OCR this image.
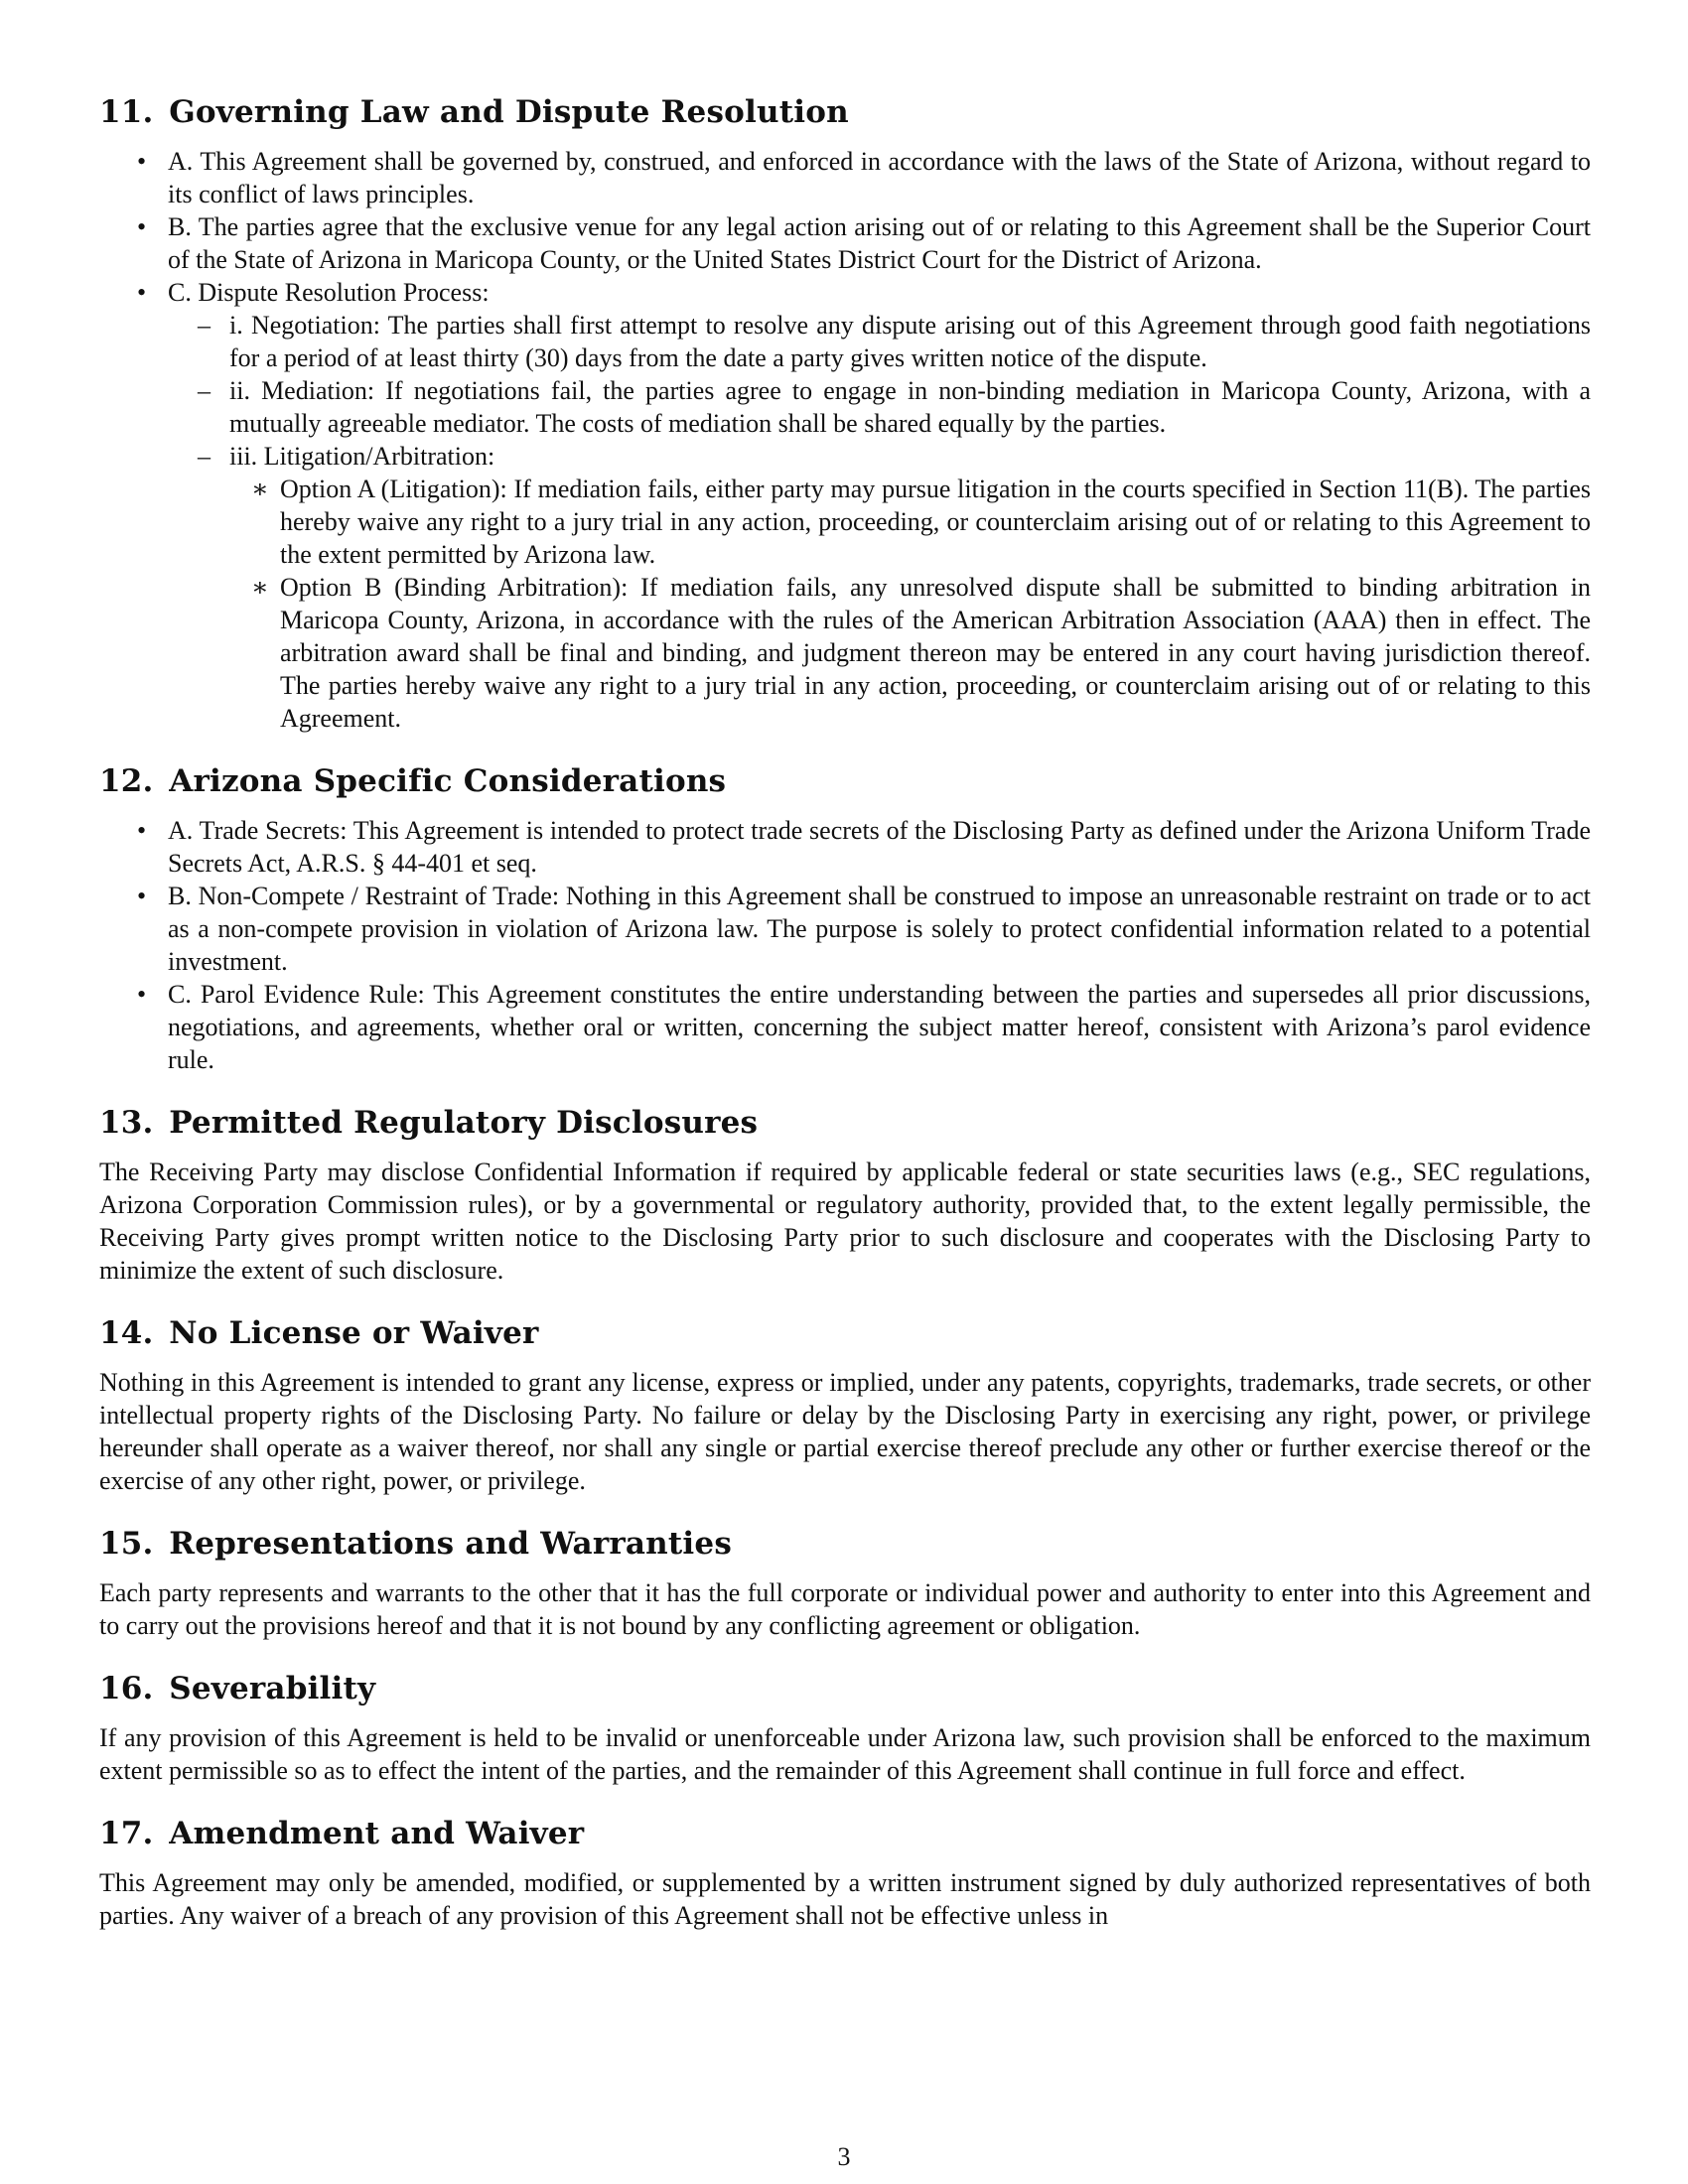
11. Governing Law and Dispute Resolution
• A. This Agreement shall be governed by, construed, and enforced in accordance with the laws of the State of Arizona, without regard to its conflict of laws principles.
• B. The parties agree that the exclusive venue for any legal action arising out of or relating to this Agreement shall be the Superior Court of the State of Arizona in Maricopa County, or the United States District Court for the District of Arizona.
• C. Dispute Resolution Process:
– i. Negotiation: The parties shall first attempt to resolve any dispute arising out of this Agreement through good faith negotiations for a period of at least thirty (30) days from the date a party gives written notice of the dispute.
– ii. Mediation: If negotiations fail, the parties agree to engage in non-binding mediation in Maricopa County, Arizona, with a mutually agreeable mediator. The costs of mediation shall be shared equally by the parties.
– iii. Litigation/Arbitration:
∗ Option A (Litigation): If mediation fails, either party may pursue litigation in the courts specified in Section 11(B). The parties hereby waive any right to a jury trial in any action, proceeding, or counterclaim arising out of or relating to this Agreement to the extent permitted by Arizona law.
∗ Option B (Binding Arbitration): If mediation fails, any unresolved dispute shall be submitted to binding arbitration in Maricopa County, Arizona, in accordance with the rules of the American Arbitration Association (AAA) then in effect. The arbitration award shall be final and binding, and judgment thereon may be entered in any court having jurisdiction thereof. The parties hereby waive any right to a jury trial in any action, proceeding, or counterclaim arising out of or relating to this Agreement.
12. Arizona Specific Considerations
• A. Trade Secrets: This Agreement is intended to protect trade secrets of the Disclosing Party as defined under the Arizona Uniform Trade Secrets Act, A.R.S. § 44-401 et seq.
• B. Non-Compete / Restraint of Trade: Nothing in this Agreement shall be construed to impose an unreasonable restraint on trade or to act as a non-compete provision in violation of Arizona law. The purpose is solely to protect confidential information related to a potential investment.
• C. Parol Evidence Rule: This Agreement constitutes the entire understanding between the parties and supersedes all prior discussions, negotiations, and agreements, whether oral or written, concerning the subject matter hereof, consistent with Arizona’s parol evidence rule.
13. Permitted Regulatory Disclosures

The Receiving Party may disclose Confidential Information if required by applicable federal or state securities laws (e.g., SEC regulations, Arizona Corporation Commission rules), or by a governmental or regulatory authority, provided that, to the extent legally permissible, the Receiving Party gives prompt written notice to the Disclosing Party prior to such disclosure and cooperates with the Disclosing Party to minimize the extent of such disclosure.

14. No License or Waiver

Nothing in this Agreement is intended to grant any license, express or implied, under any patents, copyrights, trademarks, trade secrets, or other intellectual property rights of the Disclosing Party. No failure or delay by the Disclosing Party in exercising any right, power, or privilege hereunder shall operate as a waiver thereof, nor shall any single or partial exercise thereof preclude any other or further exercise thereof or the exercise of any other right, power, or privilege.

15. Representations and Warranties

Each party represents and warrants to the other that it has the full corporate or individual power and authority to enter into this Agreement and to carry out the provisions hereof and that it is not bound by any conflicting agreement or obligation.

16. Severability

If any provision of this Agreement is held to be invalid or unenforceable under Arizona law, such provision shall be enforced to the maximum extent permissible so as to effect the intent of the parties, and the remainder of this Agreement shall continue in full force and effect.

17. Amendment and Waiver

This Agreement may only be amended, modified, or supplemented by a written instrument signed by duly authorized representatives of both parties. Any waiver of a breach of any provision of this Agreement shall not be effective unless in

3
